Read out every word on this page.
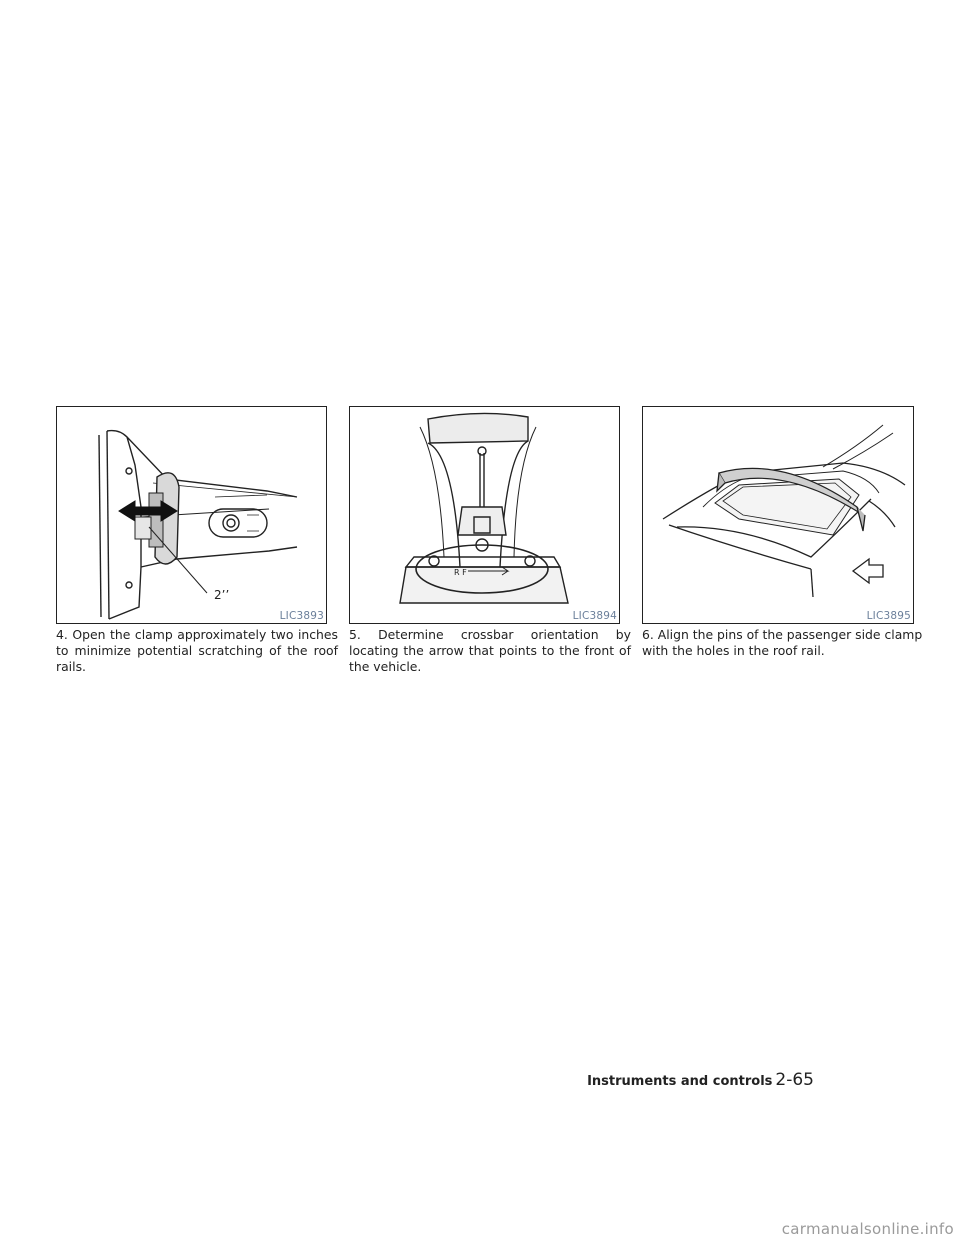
2’’
LIC3893
R F
LIC3894	LIC3895

4. Open the clamp approximately two inches to minimize potential scratching of the roof rails.

5. Determine crossbar orientation by locating the arrow that points to the front of the vehicle.

6. Align the pins of the passenger side clamp with the holes in the roof rail.

Instruments and controls 2-65
carmanualsonline.info
